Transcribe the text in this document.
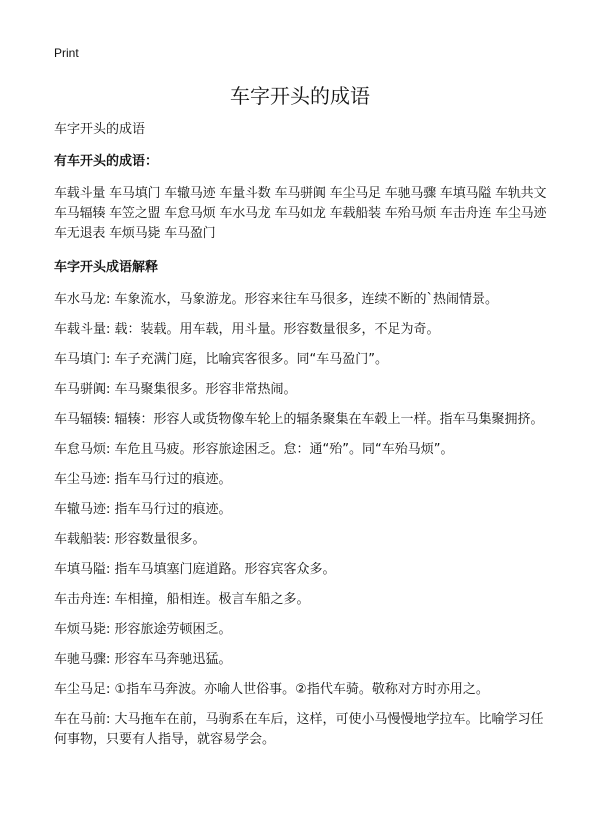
Print
车字开头的成语
车字开头的成语
有车开头的成语：
车载斗量 车马填门 车辙马迹 车量斗数 车马骈阗 车尘马足 车驰马骤 车填马隘 车轨共文 车马辐辏 车笠之盟 车怠马烦 车水马龙 车马如龙 车载船装 车殆马烦 车击舟连 车尘马迹 车无退表 车烦马毙 车马盈门
车字开头成语解释
车水马龙: 车象流水，马象游龙。形容来往车马很多，连续不断的`热闹情景。
车载斗量: 载：装载。用车载，用斗量。形容数量很多，不足为奇。
车马填门: 车子充满门庭，比喻宾客很多。同“车马盈门”。
车马骈阗: 车马聚集很多。形容非常热闹。
车马辐辏: 辐辏：形容人或货物像车轮上的辐条聚集在车毂上一样。指车马集聚拥挤。
车怠马烦: 车危且马疲。形容旅途困乏。怠：通“殆”。同“车殆马烦”。
车尘马迹: 指车马行过的痕迹。
车辙马迹: 指车马行过的痕迹。
车载船装: 形容数量很多。
车填马隘: 指车马填塞门庭道路。形容宾客众多。
车击舟连: 车相撞，船相连。极言车船之多。
车烦马毙: 形容旅途劳顿困乏。
车驰马骤: 形容车马奔驰迅猛。
车尘马足: ①指车马奔波。亦喻人世俗事。②指代车骑。敬称对方时亦用之。
车在马前: 大马拖车在前，马驹系在车后，这样，可使小马慢慢地学拉车。比喻学习任何事物，只要有人指导，就容易学会。
